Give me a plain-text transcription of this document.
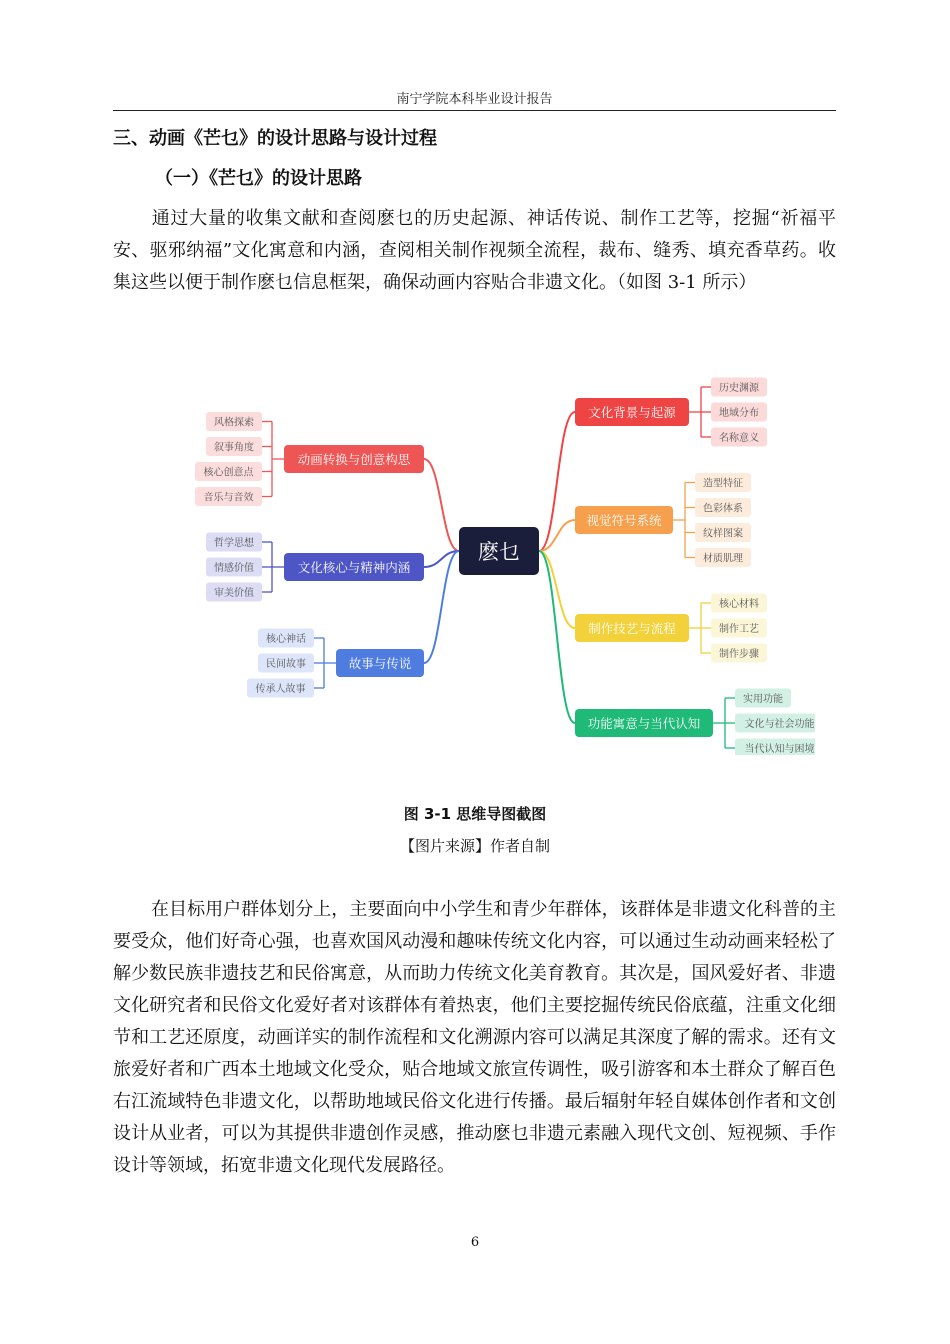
南宁学院本科毕业设计报告
三、动画《芒乜》的设计思路与设计过程
（一）《芒乜》的设计思路

通过大量的收集文献和查阅麽乜的历史起源、神话传说、制作工艺等，挖掘“祈福平安、驱邪纳福”文化寓意和内涵，查阅相关制作视频全流程，裁布、缝秀、填充香草药。收集这些以便于制作麽乜信息框架，确保动画内容贴合非遗文化。（如图 3-1 所示）

麽乜
文化背景与起源
历史渊源
地域分布
名称意义
视觉符号系统
造型特征
色彩体系
纹样图案
材质肌理
制作技艺与流程
核心材料
制作工艺
制作步骤
功能寓意与当代认知
实用功能
文化与社会功能
当代认知与困境
动画转换与创意构思
风格探索
叙事角度
核心创意点
音乐与音效
文化核心与精神内涵
哲学思想
情感价值
审美价值
故事与传说
核心神话
民间故事
传承人故事
图 3-1 思维导图截图
【图片来源】作者自制

在目标用户群体划分上，主要面向中小学生和青少年群体，该群体是非遗文化科普的主要受众，他们好奇心强，也喜欢国风动漫和趣味传统文化内容，可以通过生动动画来轻松了解少数民族非遗技艺和民俗寓意，从而助力传统文化美育教育。其次是，国风爱好者、非遗文化研究者和民俗文化爱好者对该群体有着热衷，他们主要挖掘传统民俗底蕴，注重文化细节和工艺还原度，动画详实的制作流程和文化溯源内容可以满足其深度了解的需求。还有文旅爱好者和广西本土地域文化受众，贴合地域文旅宣传调性，吸引游客和本土群众了解百色右江流域特色非遗文化，以帮助地域民俗文化进行传播。最后辐射年轻自媒体创作者和文创设计从业者，可以为其提供非遗创作灵感，推动麽乜非遗元素融入现代文创、短视频、手作设计等领域，拓宽非遗文化现代发展路径。

6
